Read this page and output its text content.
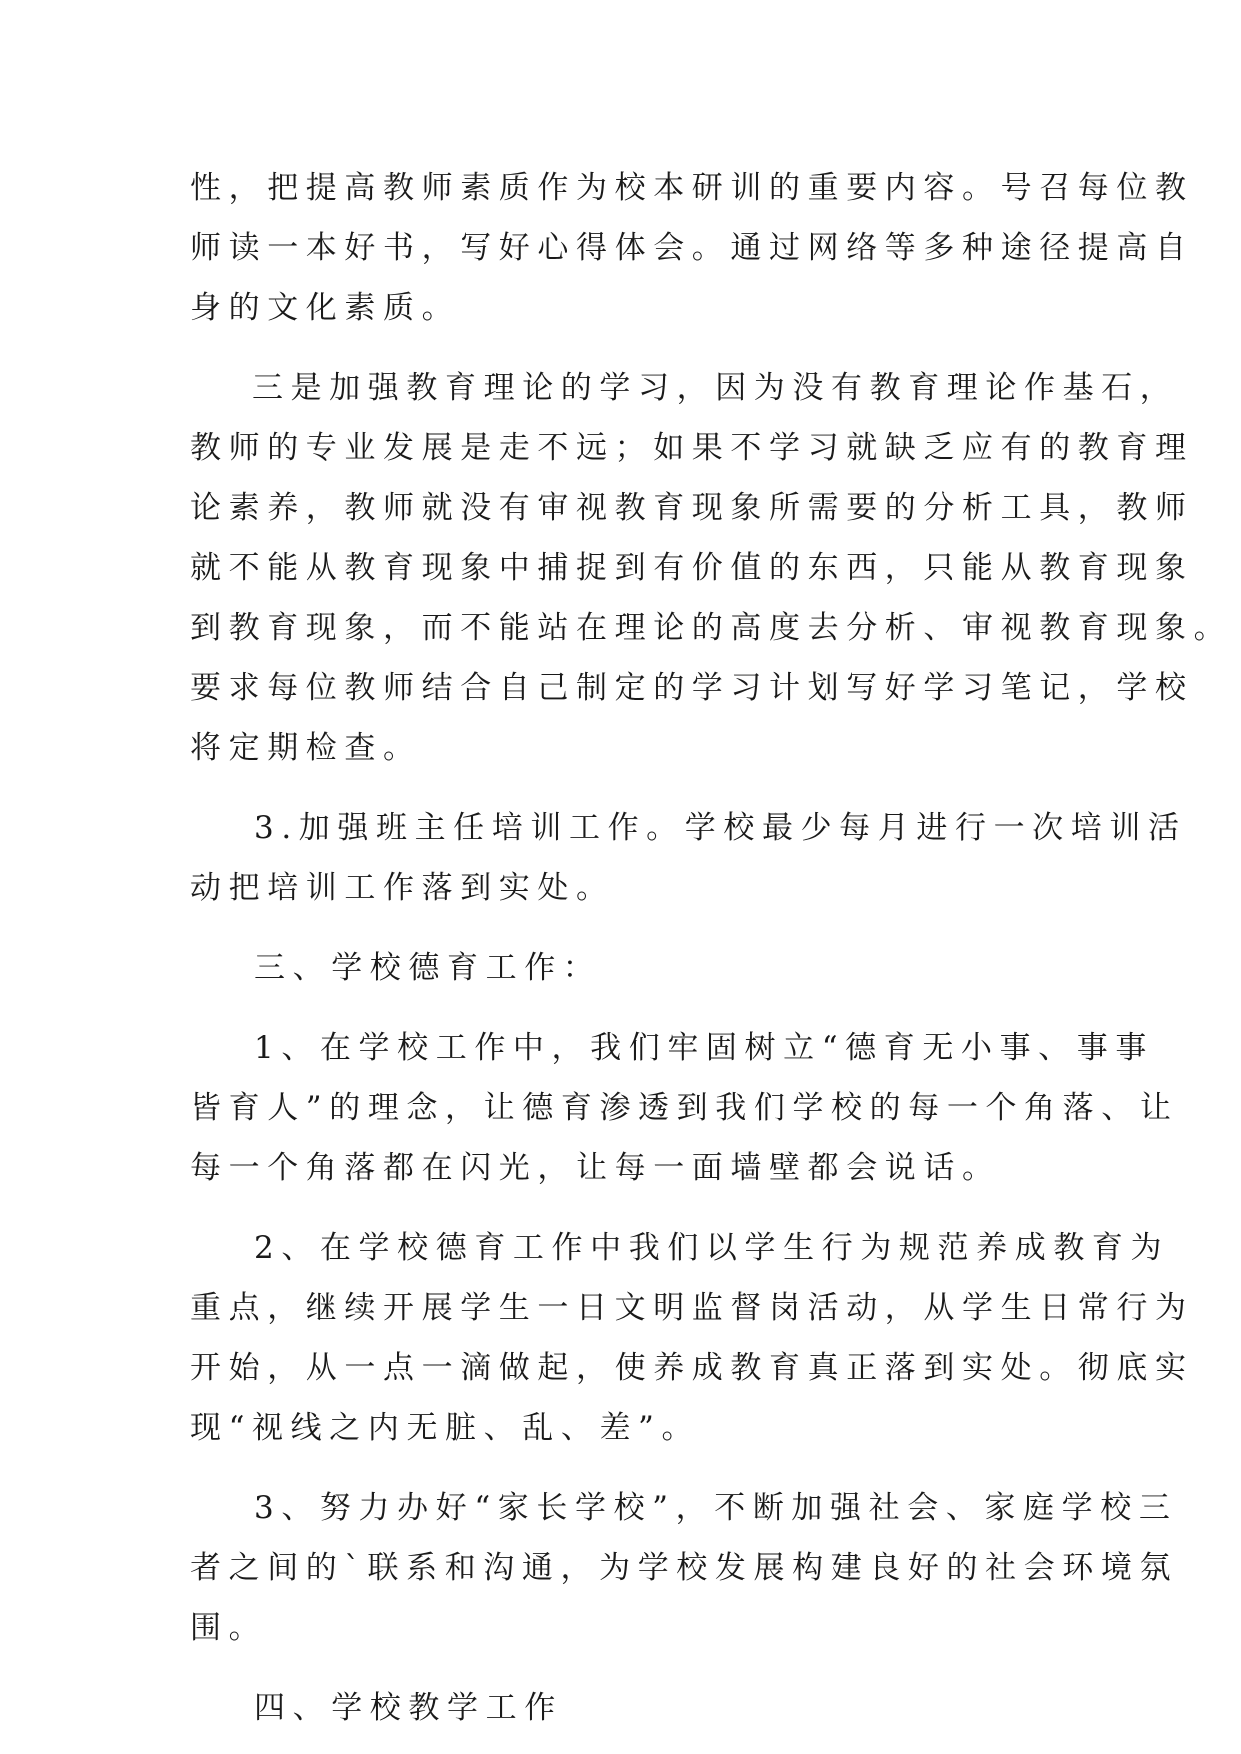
性，把提高教师素质作为校本研训的重要内容。号召每位教
师读一本好书，写好心得体会。通过网络等多种途径提高自
身的文化素质。
三是加强教育理论的学习，因为没有教育理论作基石，
教师的专业发展是走不远；如果不学习就缺乏应有的教育理
论素养，教师就没有审视教育现象所需要的分析工具，教师
就不能从教育现象中捕捉到有价值的东西，只能从教育现象
到教育现象，而不能站在理论的高度去分析、审视教育现象。
要求每位教师结合自己制定的学习计划写好学习笔记，学校
将定期检查。
3.加强班主任培训工作。学校最少每月进行一次培训活
动把培训工作落到实处。
三、学校德育工作：
1、在学校工作中，我们牢固树立“德育无小事、事事
皆育人”的理念，让德育渗透到我们学校的每一个角落、让
每一个角落都在闪光，让每一面墙壁都会说话。
2、在学校德育工作中我们以学生行为规范养成教育为
重点，继续开展学生一日文明监督岗活动，从学生日常行为
开始，从一点一滴做起，使养成教育真正落到实处。彻底实
现“视线之内无脏、乱、差”。
3、努力办好“家长学校”，不断加强社会、家庭学校三
者之间的`联系和沟通，为学校发展构建良好的社会环境氛
围。
四、学校教学工作
